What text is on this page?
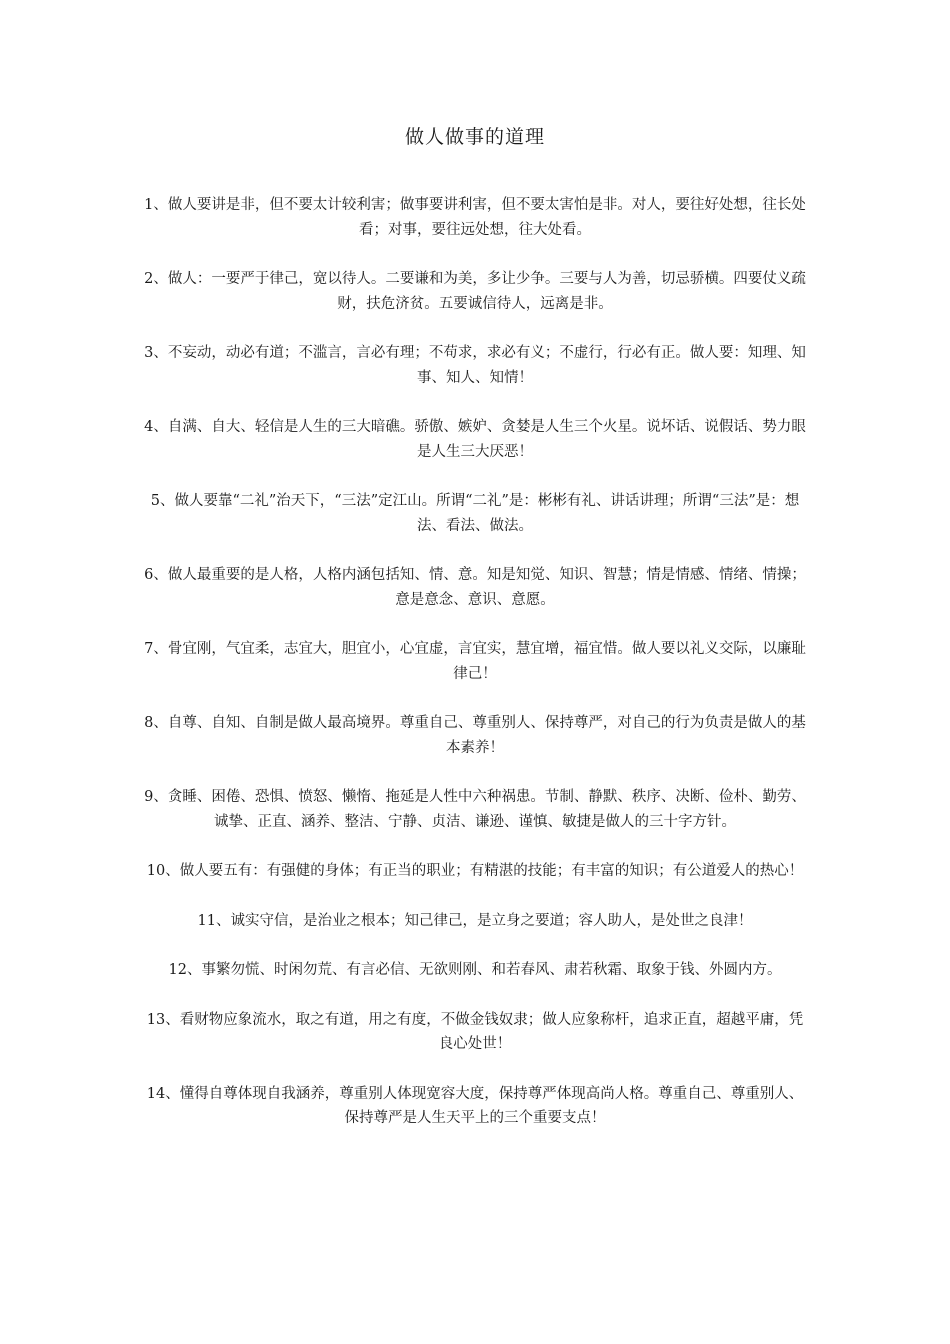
做人做事的道理

1、做人要讲是非，但不要太计较利害；做事要讲利害，但不要太害怕是非。对人，要往好处想，往长处看；对事，要往远处想，往大处看。

2、做人：一要严于律己，宽以待人。二要谦和为美，多让少争。三要与人为善，切忌骄横。四要仗义疏财，扶危济贫。五要诚信待人，远离是非。

3、不妄动，动必有道；不滥言，言必有理；不苟求，求必有义；不虚行，行必有正。做人要：知理、知事、知人、知情！

4、自满、自大、轻信是人生的三大暗礁。骄傲、嫉妒、贪婪是人生三个火星。说坏话、说假话、势力眼是人生三大厌恶！

5、做人要靠“二礼”治天下，“三法”定江山。所谓“二礼”是：彬彬有礼、讲话讲理；所谓“三法”是：想法、看法、做法。

6、做人最重要的是人格，人格内涵包括知、情、意。知是知觉、知识、智慧；情是情感、情绪、情操；意是意念、意识、意愿。

7、骨宜刚，气宜柔，志宜大，胆宜小，心宜虚，言宜实，慧宜增，福宜惜。做人要以礼义交际，以廉耻律己！

8、自尊、自知、自制是做人最高境界。尊重自己、尊重别人、保持尊严，对自己的行为负责是做人的基本素养！

9、贪睡、困倦、恐惧、愤怒、懒惰、拖延是人性中六种祸患。节制、静默、秩序、决断、俭朴、勤劳、诚挚、正直、涵养、整洁、宁静、贞洁、谦逊、谨慎、敏捷是做人的三十字方针。

10、做人要五有：有强健的身体；有正当的职业；有精湛的技能；有丰富的知识；有公道爱人的热心！

11、诚实守信，是治业之根本；知己律己，是立身之要道；容人助人，是处世之良津！

12、事繁勿慌、时闲勿荒、有言必信、无欲则刚、和若春风、肃若秋霜、取象于钱、外圆内方。

13、看财物应象流水，取之有道，用之有度，不做金钱奴隶；做人应象称杆，追求正直，超越平庸，凭良心处世！

14、懂得自尊体现自我涵养，尊重别人体现宽容大度，保持尊严体现高尚人格。尊重自己、尊重别人、保持尊严是人生天平上的三个重要支点！
